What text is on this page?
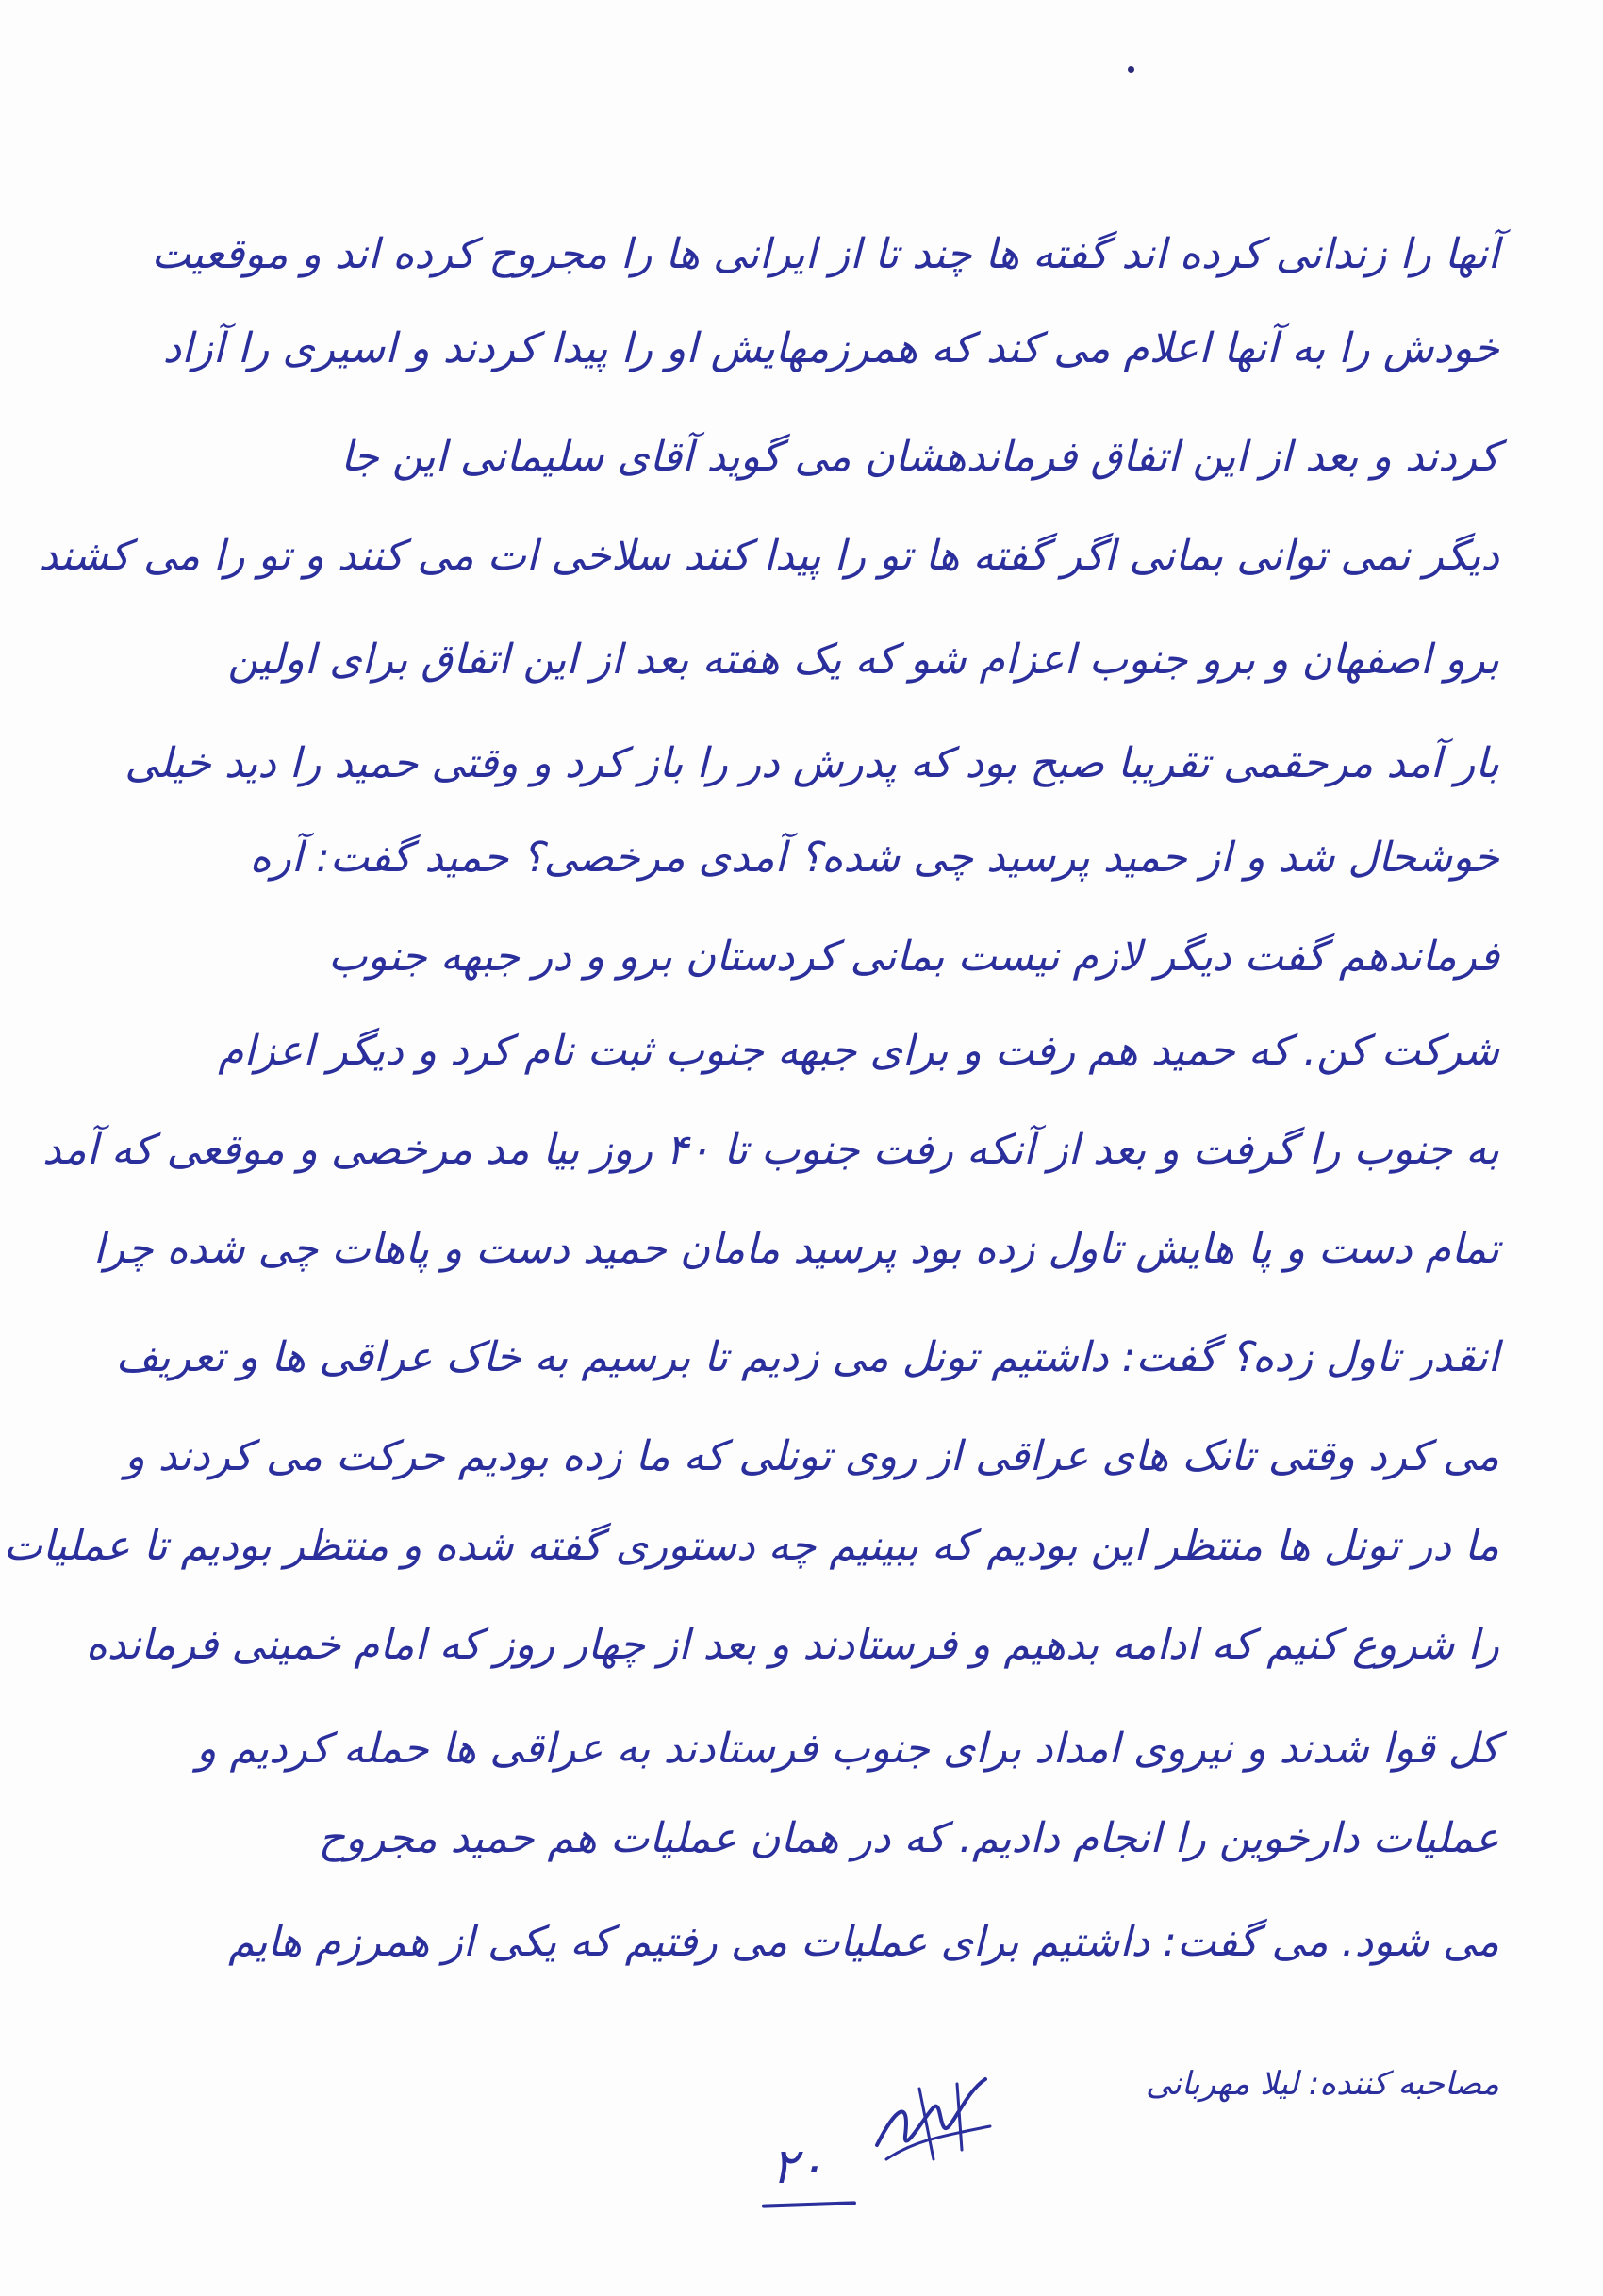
آنها را زندانی کرده اند گفته ها چند تا از ایرانی ها را مجروح کرده اند و موقعیت
خودش را به آنها اعلام می کند که همرزمهایش او را پیدا کردند و اسیری را آزاد
کردند و بعد از این اتفاق فرماندهشان می گوید آقای سلیمانی این جا
دیگر نمی توانی بمانی اگر گفته ها تو را پیدا کنند سلاخی ات می کنند و تو را می کشند
برو اصفهان و برو جنوب اعزام شو که یک هفته بعد از این اتفاق برای اولین
بار آمد مرحقمی تقریبا صبح بود که پدرش در را باز کرد و وقتی حمید را دید خیلی
خوشحال شد و از حمید پرسید چی شده؟ آمدی مرخصی؟ حمید گفت: آره
فرماندهم گفت دیگر لازم نیست بمانی کردستان برو و در جبهه جنوب
شرکت کن. که حمید هم رفت و برای جبهه جنوب ثبت نام کرد و دیگر اعزام
به جنوب را گرفت و بعد از آنکه رفت جنوب تا ۴۰ روز بیا مد مرخصی و موقعی که آمد
تمام دست و پا هایش تاول زده بود پرسید مامان حمید دست و پاهات چی شده چرا
انقدر تاول زده؟ گفت: داشتیم تونل می زدیم تا برسیم به خاک عراقی ها و تعریف
می کرد وقتی تانک های عراقی از روی تونلی که ما زده بودیم حرکت می کردند و
ما در تونل ها منتظر این بودیم که ببینیم چه دستوری گفته شده و منتظر بودیم تا عملیات
را شروع کنیم که ادامه بدهیم و فرستادند و بعد از چهار روز که امام خمینی فرمانده
کل قوا شدند و نیروی امداد برای جنوب فرستادند به عراقی ها حمله کردیم و
عملیات دارخوین را انجام دادیم. که در همان عملیات هم حمید مجروح
می شود. می گفت: داشتیم برای عملیات می رفتیم که یکی از همرزم هایم
مصاحبه کننده: لیلا مهربانی
۲۰
